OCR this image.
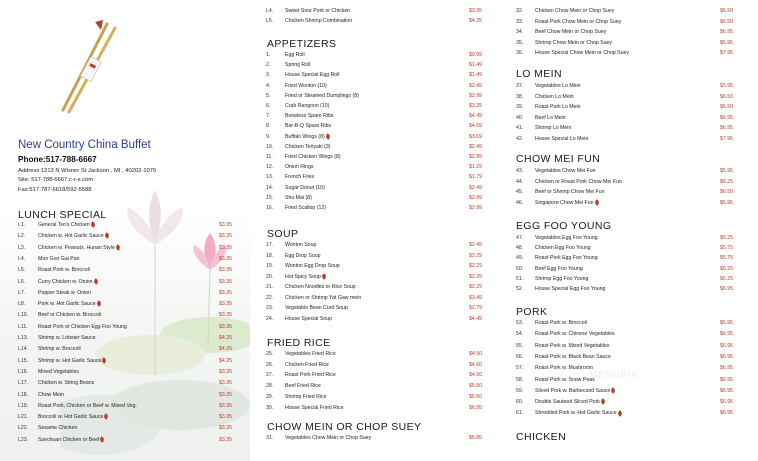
New Country China Buffet
Phone:517-788-6667
Address:1213 N Wisner St Jackson , MI , 40202-1076
Site: 517-788-6667.c-r-s.com
Fax:517-787-6618/592-5588
LUNCH SPECIAL
L1. General Tso's Chicken	$3.35
L2. Chicken w. Hot Garlic Sauce	$3.35
L3. Chicken w. Peanuts, Hunan Style	$3.35
L4. Moo Goo Gai Pan	$3.35
L5. Roast Pork w. Broccoli	$3.35
L6. Curry Chicken w. Onion	$3.35
L7. Pepper Steak w. Onion	$3.35
L8. Pork w. Hot Garlic Sauce	$3.35
L10. Beef or Chicken w. Broccoli	$3.35
L11. Roast Pork or Chicken Egg Foo Young	$3.35
L13. Shrimp w. Lobster Sauce	$4.25
L14. Shrimp w. Broccoli	$4.25
L15. Shrimp w. Hot Garlic Sauce	$4.25
L16. Mixed Vegetables	$3.35
L17. Chicken w. String Beans	$3.35
L18. Chow Mein	$3.35
L19. Roast Pork, Chicken or Beef w. Mixed Veg.	$3.35
L21. Broccoli w. Hot Garlic Sauce	$3.35
L22. Sesame Chicken	$3.35
L23. Szechuan Chicken or Beef	$3.35
L4. Sweet Sour Pork or Chicken	$3.95
L5. Chicken Shrimp Combination	$4.25
APPETIZERS
1.	Egg Roll	$0.99
2.	Spring Roll	$1.49
3.	House Special Egg Roll	$1.49
4.	Fried Wonton (10)	$2.49
5.	Fried or Steamed Dumplings (8)	$2.99
6.	Crab Rangoon (10)	$3.25
7.	Boneless Spare Ribs	$4.49
8.	Bar-B-Q Spare Ribs	$4.69
9.	Buffalo Wings (8)	$3.69
10. Chicken Teriyaki (3)	$2.49
11. Fried Chicken Wings (8)	$2.99
12. Onion Rings	$1.29
13. French Fries	$1.79
14. Sugar Donut (10)	$2.49
15. Shu Mai (8)	$2.99
16. Fried Scallop (12)	$2.99
SOUP
17. Wonton Soup	$2.49
18. Egg Drop Soup	$2.29
19. Wonton Egg Drop Soup	$2.29
20. Hot Spicy Soup	$2.29
21. Chicken Noodles or Rice Soup	$2.29
22. Chicken or Shrimp Yat Gaw mein	$3.49
23. Vegetable Bean Curd Soup	$2.79
24. House Special Soup	$4.49
FRIED RICE
25. Vegetables Fried Rice	$4.50
26. Chicken Fried Rice	$4.60
27. Roast Pork Fried Rice	$4.60
28. Beef Fried Rice	$5.50
29. Shrimp Fried Rice	$5.50
30. House Special Fried Rice	$6.95
CHOW MEIN OR CHOP SUEY
31. Vegetables Chow Mein or Chop Suey	$5.95
32. Chicken Chow Mein or Chop Suey	$6.50
33. Roast Pork Chow Mein or Chop Suey	$6.50
34. Beef Chow Mein or Chop Suey	$6.95
35. Shrimp Chow Mein or Chop Suey	$6.95
36. House Special Chow Mein or Chop Suey	$7.95
LO MEIN
37. Vegetables Lo Mein	$5.95
38. Chicken Lo Mein	$6.50
39. Roast Pork Lo Mein	$6.50
40. Beef Lo Mein	$6.95
41. Shrimp Lo Mein	$6.95
42. House Special Lo Mein	$7.95
CHOW MEI FUN
43. Vegetables Chow Mei Fun	$5.95
44. Chicken or Roast Pork Chow Mei Fun	$6.25
45. Beef or Shrimp Chow Mei Fun	$6.50
46. Singapore Chow Mei Fun	$6.95
EGG FOO YOUNG
47. Vegetables Egg Foo Young	$5.25
48. Chicken Egg Foo Young	$5.75
49. Roast Pork Egg Foo Young	$5.75
50. Beef Egg Foo Young	$6.25
51. Shrimp Egg Foo Young	$6.25
52. House Special Egg Foo Young	$6.95
PORK
53. Roast Pork w. Broccoli	$6.95
54. Roast Pork w. Chinese Vegetables	$6.95
55. Roast Pork w. Mixed Vegetables	$6.95
56. Roast Pork w. Black Bean Sauce	$6.95
57. Roast Pork w. Mushroom	$6.95
58. Roast Pork w. Snow Peas	$6.95
59. Sliced Pork w. Barbecued Sauce	$6.95
60. Double Sauteed Sliced Pork	$6.95
61. Shredded Pork w. Hot Garlic Sauce	$6.95
CHICKEN
MENUPIX
